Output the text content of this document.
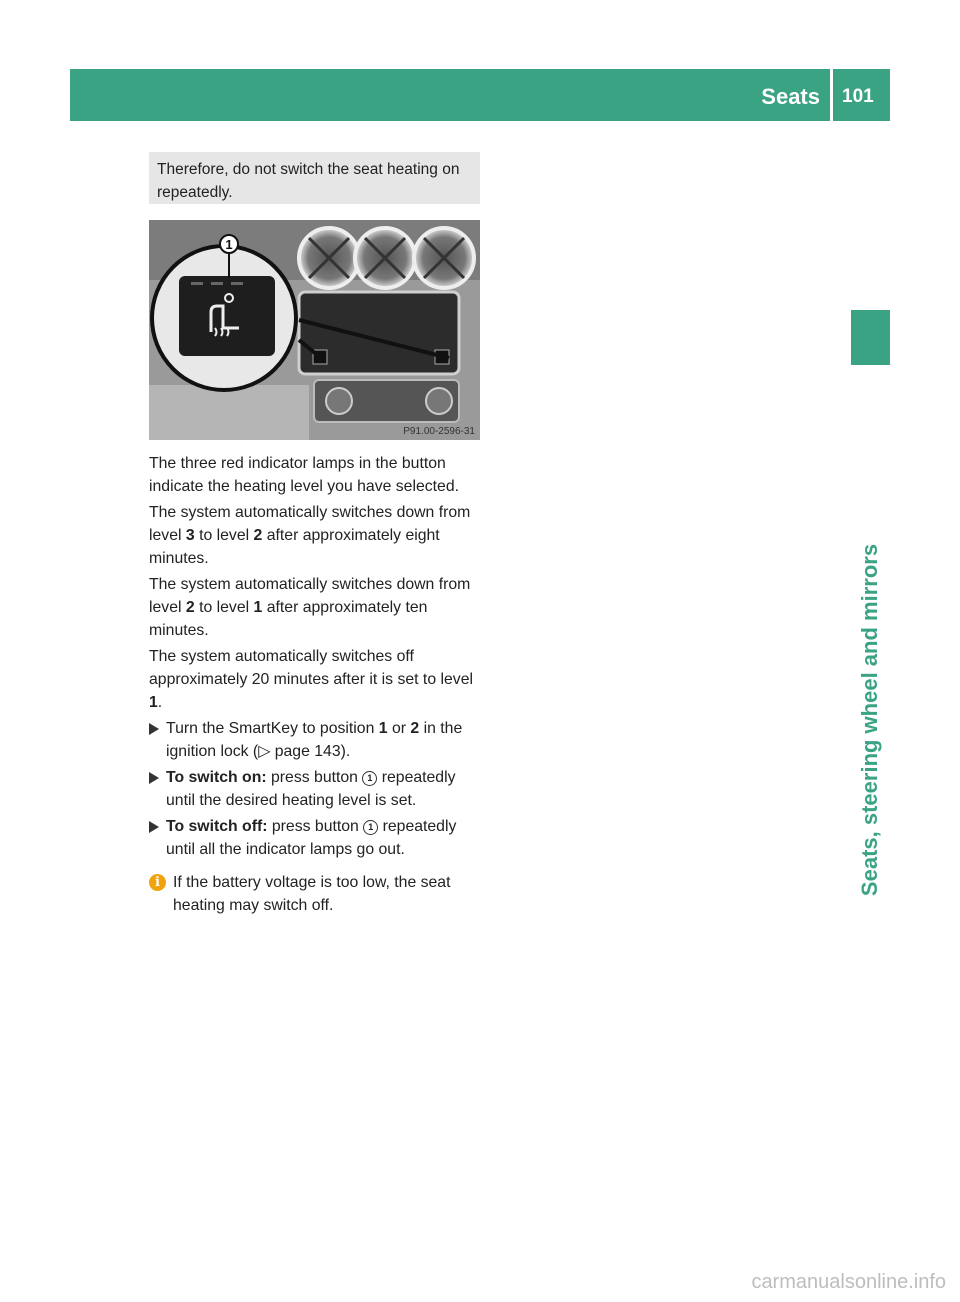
Seats 101
Seats, steering wheel and mirrors
Therefore, do not switch the seat heating on repeatedly.
1
P91.00-2596-31

The three red indicator lamps in the button indicate the heating level you have selected.

The system automatically switches down from level 3 to level 2 after approximately eight minutes.

The system automatically switches down from level 2 to level 1 after approximately ten minutes.

The system automatically switches off approximately 20 minutes after it is set to level 1.

Turn the SmartKey to position 1 or 2 in the ignition lock (▷ page 143).
To switch on: press button 1 repeatedly until the desired heating level is set.
To switch off: press button 1 repeatedly until all the indicator lamps go out.
i If the battery voltage is too low, the seat heating may switch off.
carmanualsonline.info
